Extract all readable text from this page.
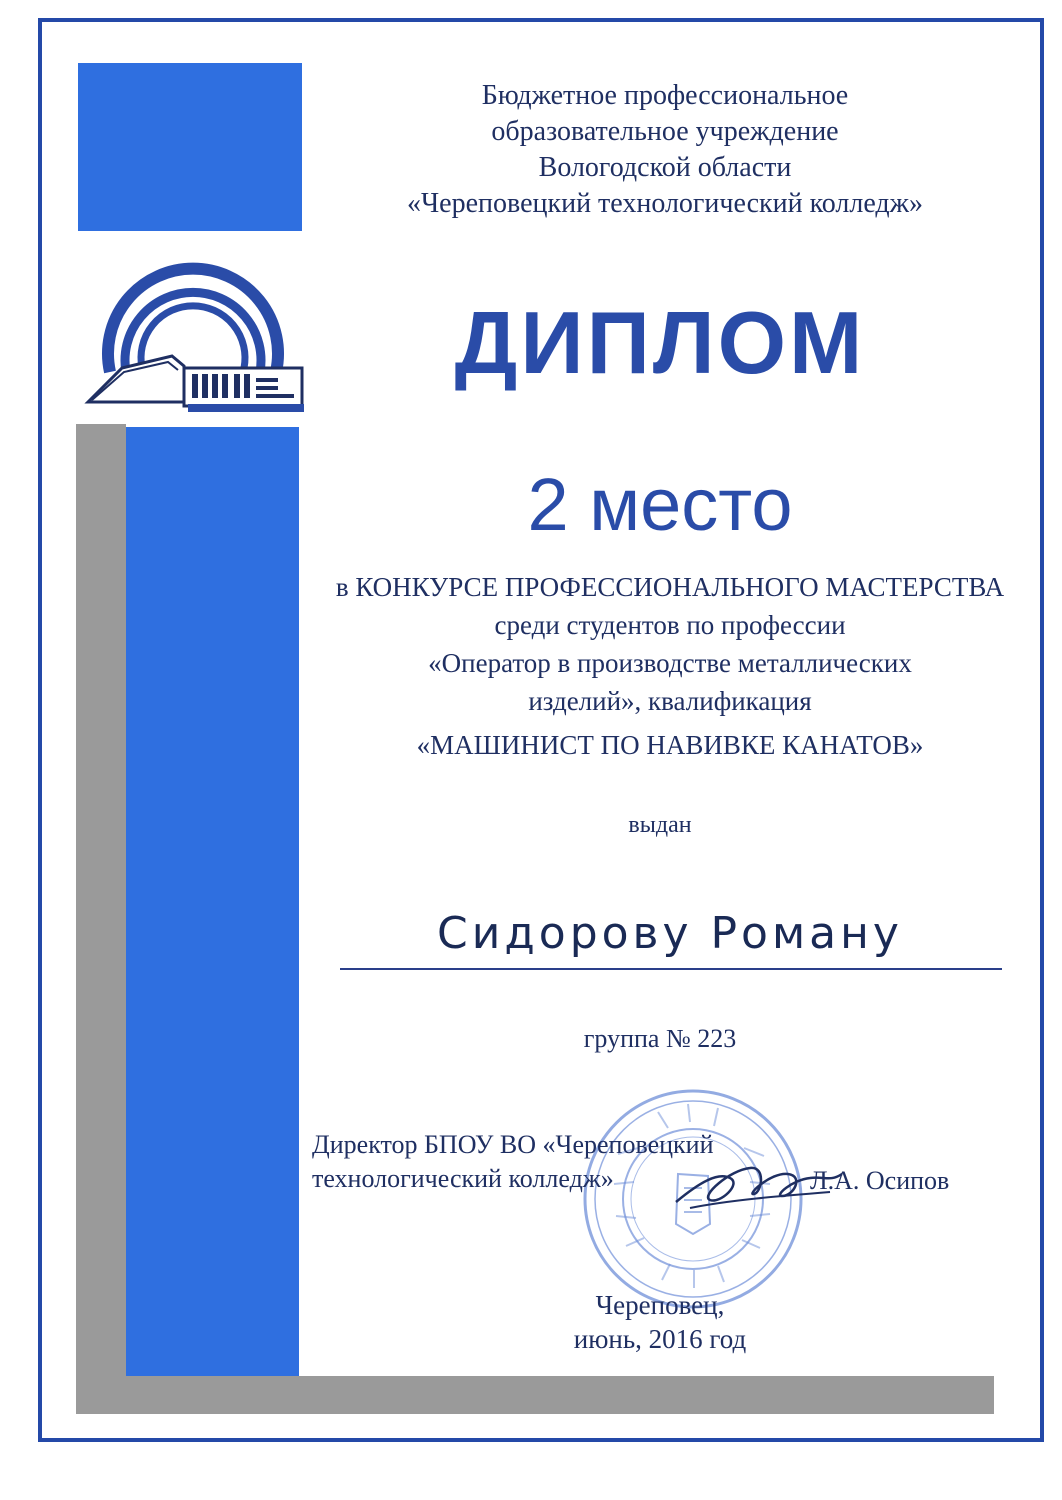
Бюджетное профессиональное
образовательное учреждение
Вологодской области
«Череповецкий технологический колледж»
ДИПЛОМ
2 место
в КОНКУРСЕ ПРОФЕССИОНАЛЬНОГО МАСТЕРСТВА
среди студентов по профессии
«Оператор в производстве металлических
изделий», квалификация
«МАШИНИСТ ПО НАВИВКЕ КАНАТОВ»
выдан
Сидорову Роману
группа № 223
Директор БПОУ ВО «Череповецкий
технологический колледж»	Л.А. Осипов
Череповец,
июнь, 2016 год
